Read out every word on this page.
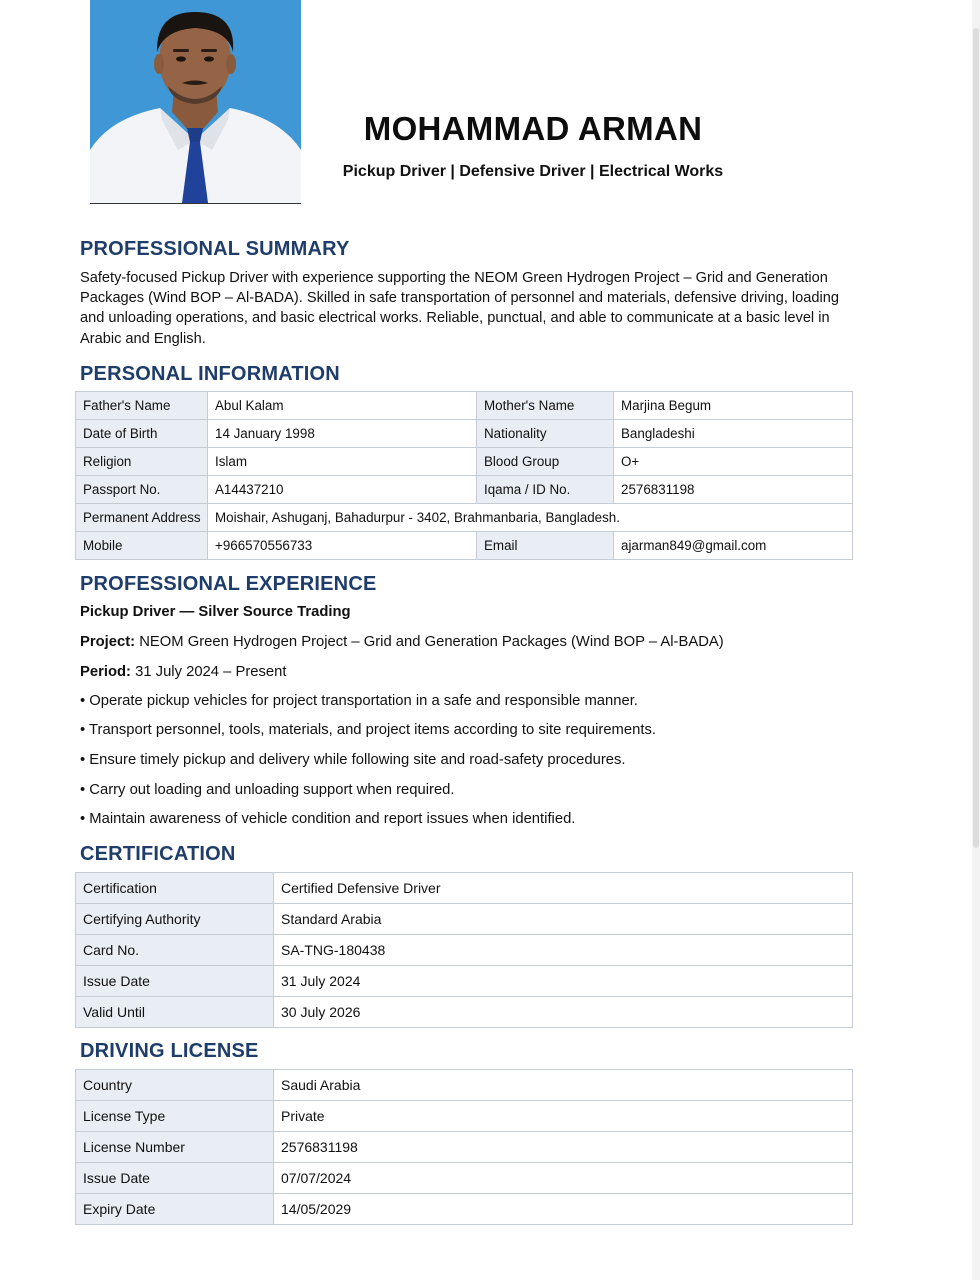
MOHAMMAD ARMAN
Pickup Driver | Defensive Driver | Electrical Works
PROFESSIONAL SUMMARY
Safety-focused Pickup Driver with experience supporting the NEOM Green Hydrogen Project – Grid and Generation Packages (Wind BOP – Al-BADA). Skilled in safe transportation of personnel and materials, defensive driving, loading and unloading operations, and basic electrical works. Reliable, punctual, and able to communicate at a basic level in Arabic and English.
PERSONAL INFORMATION
Father's Name	Abul Kalam	Mother's Name	Marjina Begum
Date of Birth	14 January 1998	Nationality	Bangladeshi
Religion	Islam	Blood Group	O+
Passport No.	A14437210	Iqama / ID No.	2576831198
Permanent Address	Moishair, Ashuganj, Bahadurpur - 3402, Brahmanbaria, Bangladesh.		
Mobile	+966570556733	Email	ajarman849@gmail.com
PROFESSIONAL EXPERIENCE
Pickup Driver — Silver Source Trading
Project: NEOM Green Hydrogen Project – Grid and Generation Packages (Wind BOP – Al-BADA)
Period: 31 July 2024 – Present
• Operate pickup vehicles for project transportation in a safe and responsible manner.
• Transport personnel, tools, materials, and project items according to site requirements.
• Ensure timely pickup and delivery while following site and road-safety procedures.
• Carry out loading and unloading support when required.
• Maintain awareness of vehicle condition and report issues when identified.
CERTIFICATION
Certification	Certified Defensive Driver
Certifying Authority	Standard Arabia
Card No.	SA-TNG-180438
Issue Date	31 July 2024
Valid Until	30 July 2026
DRIVING LICENSE
Country	Saudi Arabia
License Type	Private
License Number	2576831198
Issue Date	07/07/2024
Expiry Date	14/05/2029
